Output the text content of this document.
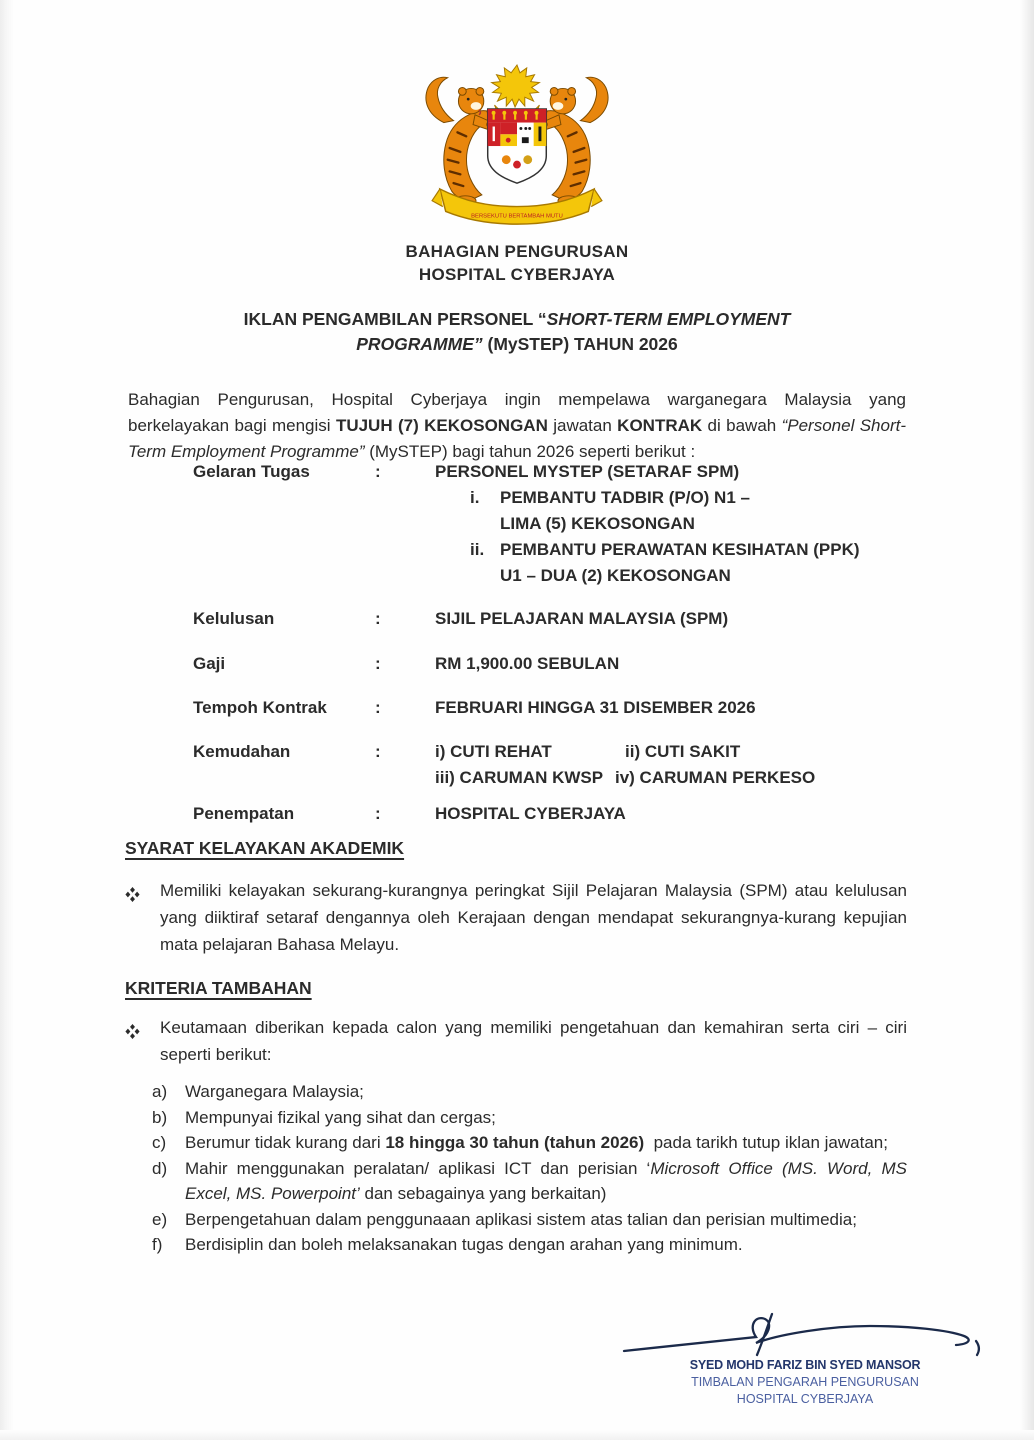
BERSEKUTU BERTAMBAH MUTU
BAHAGIAN PENGURUSAN
HOSPITAL CYBERJAYA
IKLAN PENGAMBILAN PERSONEL “SHORT-TERM EMPLOYMENT
PROGRAMME” (MySTEP) TAHUN 2026

Bahagian Pengurusan, Hospital Cyberjaya ingin mempelawa warganegara Malaysia yang berkelayakan bagi mengisi TUJUH (7) KEKOSONGAN jawatan KONTRAK di bawah “Personel Short-Term Employment Programme” (MySTEP) bagi tahun 2026 seperti berikut :

Gelaran Tugas	:	PERSONEL MYSTEP (SETARAF SPM)
i.	PEMBANTU TADBIR (P/O) N1 –
LIMA (5) KEKOSONGAN
ii. PEMBANTU PERAWATAN KESIHATAN (PPK)
U1 – DUA (2) KEKOSONGAN
Kelulusan	:	SIJIL PELAJARAN MALAYSIA (SPM)
Gaji	:	RM 1,900.00 SEBULAN
Tempoh Kontrak	:	FEBRUARI HINGGA 31 DISEMBER 2026
Kemudahan	:	i) CUTI REHAT	ii) CUTI SAKIT
iii) CARUMAN KWSP iv) CARUMAN PERKESO
Penempatan	:	HOSPITAL CYBERJAYA
SYARAT KELAYAKAN AKADEMIK
Memiliki kelayakan sekurang-kurangnya peringkat Sijil Pelajaran Malaysia (SPM) atau kelulusan yang diiktiraf setaraf dengannya oleh Kerajaan dengan mendapat sekurangnya-kurang kepujian mata pelajaran Bahasa Melayu.
KRITERIA TAMBAHAN
Keutamaan diberikan kepada calon yang memiliki pengetahuan dan kemahiran serta ciri – ciri seperti berikut:
a)	Warganegara Malaysia;
b)	Mempunyai fizikal yang sihat dan cergas;
c)	Berumur tidak kurang dari 18 hingga 30 tahun (tahun 2026)  pada tarikh tutup iklan jawatan;
d)	Mahir menggunakan peralatan/ aplikasi ICT dan perisian ‘Microsoft Office (MS. Word, MS Excel, MS. Powerpoint’ dan sebagainya yang berkaitan)
e)	Berpengetahuan dalam penggunaaan aplikasi sistem atas talian dan perisian multimedia;
f)	Berdisiplin dan boleh melaksanakan tugas dengan arahan yang minimum.
SYED MOHD FARIZ BIN SYED MANSOR
TIMBALAN PENGARAH PENGURUSAN
HOSPITAL CYBERJAYA
